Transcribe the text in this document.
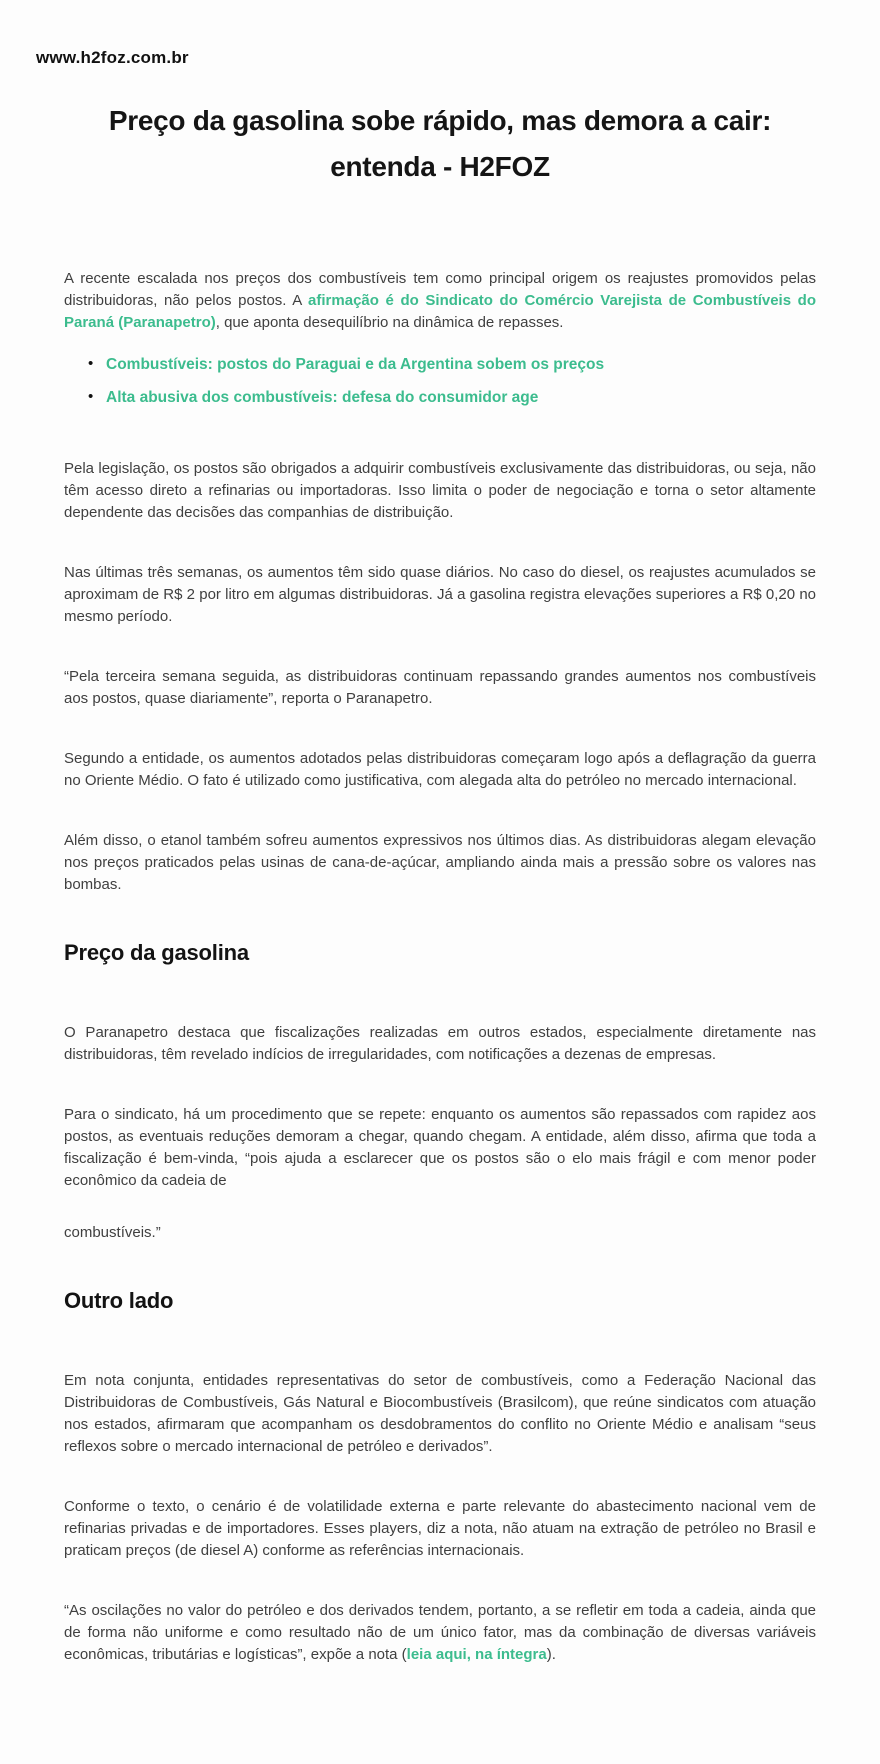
www.h2foz.com.br
Preço da gasolina sobe rápido, mas demora a cair:
entenda - H2FOZ

A recente escalada nos preços dos combustíveis tem como principal origem os reajustes promovidos pelas distribuidoras, não pelos postos. A afirmação é do Sindicato do Comércio Varejista de Combustíveis do Paraná (Paranapetro), que aponta desequilíbrio na dinâmica de repasses.

• Combustíveis: postos do Paraguai e da Argentina sobem os preços
• Alta abusiva dos combustíveis: defesa do consumidor age

Pela legislação, os postos são obrigados a adquirir combustíveis exclusivamente das distribuidoras, ou seja, não têm acesso direto a refinarias ou importadoras. Isso limita o poder de negociação e torna o setor altamente dependente das decisões das companhias de distribuição.

Nas últimas três semanas, os aumentos têm sido quase diários. No caso do diesel, os reajustes acumulados se aproximam de R$ 2 por litro em algumas distribuidoras. Já a gasolina registra elevações superiores a R$ 0,20 no mesmo período.

“Pela terceira semana seguida, as distribuidoras continuam repassando grandes aumentos nos combustíveis aos postos, quase diariamente”, reporta o Paranapetro.

Segundo a entidade, os aumentos adotados pelas distribuidoras começaram logo após a deflagração da guerra no Oriente Médio. O fato é utilizado como justificativa, com alegada alta do petróleo no mercado internacional.

Além disso, o etanol também sofreu aumentos expressivos nos últimos dias. As distribuidoras alegam elevação nos preços praticados pelas usinas de cana-de-açúcar, ampliando ainda mais a pressão sobre os valores nas bombas.

Preço da gasolina

O Paranapetro destaca que fiscalizações realizadas em outros estados, especialmente diretamente nas distribuidoras, têm revelado indícios de irregularidades, com notificações a dezenas de empresas.

Para o sindicato, há um procedimento que se repete: enquanto os aumentos são repassados com rapidez aos postos, as eventuais reduções demoram a chegar, quando chegam. A entidade, além disso, afirma que toda a fiscalização é bem-vinda, “pois ajuda a esclarecer que os postos são o elo mais frágil e com menor poder econômico da cadeia de

combustíveis.”

Outro lado

Em nota conjunta, entidades representativas do setor de combustíveis, como a Federação Nacional das Distribuidoras de Combustíveis, Gás Natural e Biocombustíveis (Brasilcom), que reúne sindicatos com atuação nos estados, afirmaram que acompanham os desdobramentos do conflito no Oriente Médio e analisam “seus reflexos sobre o mercado internacional de petróleo e derivados”.

Conforme o texto, o cenário é de volatilidade externa e parte relevante do abastecimento nacional vem de refinarias privadas e de importadores. Esses players, diz a nota, não atuam na extração de petróleo no Brasil e praticam preços (de diesel A) conforme as referências internacionais.

“As oscilações no valor do petróleo e dos derivados tendem, portanto, a se refletir em toda a cadeia, ainda que de forma não uniforme e como resultado não de um único fator, mas da combinação de diversas variáveis econômicas, tributárias e logísticas”, expõe a nota (leia aqui, na íntegra).
